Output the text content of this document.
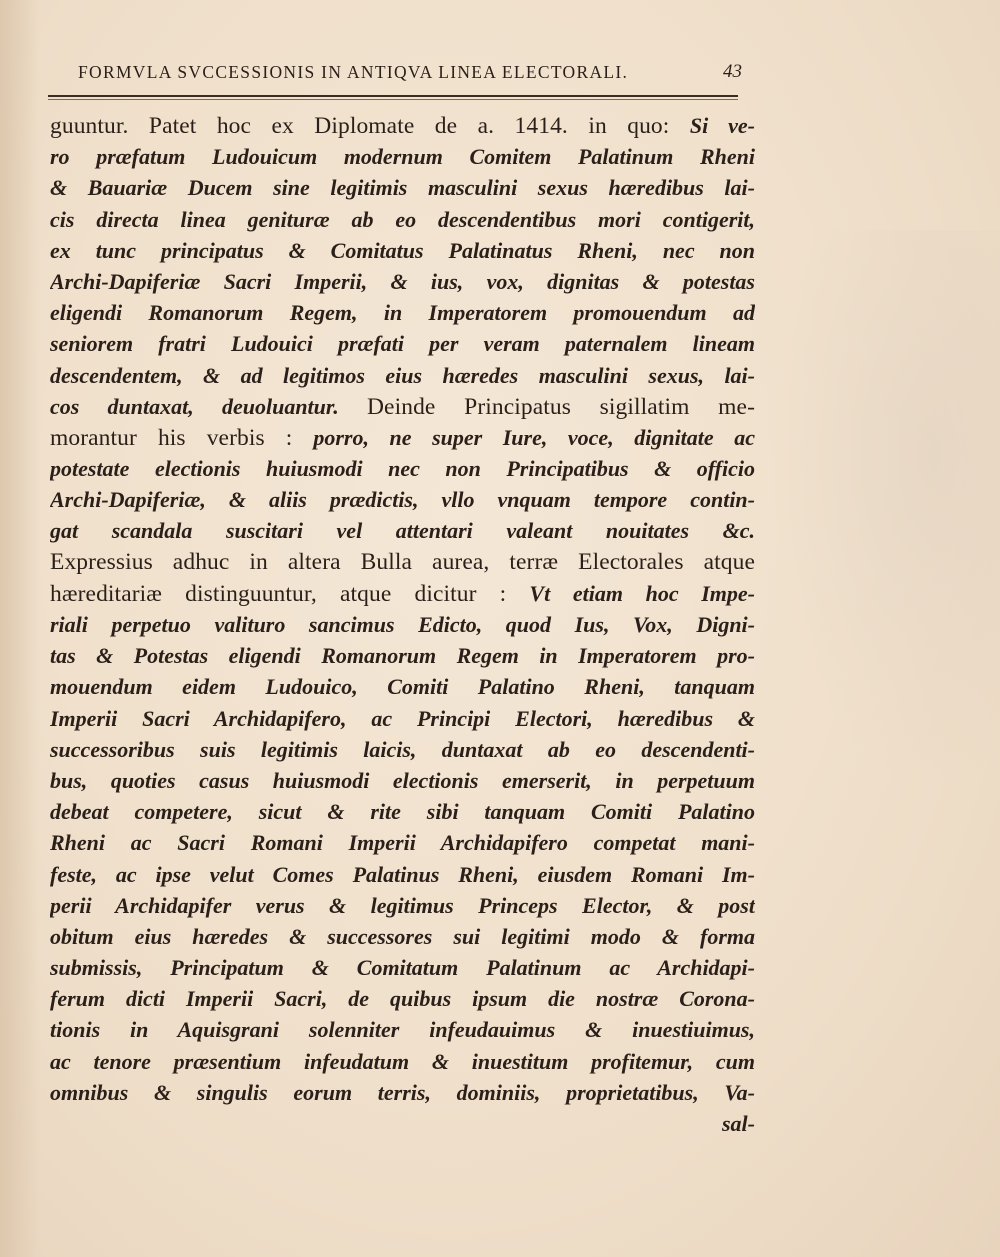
FORMVLA SVCCESSIONIS IN ANTIQVA LINEA ELECTORALI.	43
guuntur. Patet hoc ex Diplomate de a. 1414. in quo: Si ve-
ro præfatum Ludouicum modernum Comitem Palatinum Rheni
& Bauariæ Ducem sine legitimis masculini sexus hæredibus lai-
cis directa linea genituræ ab eo descendentibus mori contigerit,
ex tunc principatus & Comitatus Palatinatus Rheni, nec non
Archi-Dapiferiæ Sacri Imperii, & ius, vox, dignitas & potestas
eligendi Romanorum Regem, in Imperatorem promouendum ad
seniorem fratri Ludouici præfati per veram paternalem lineam
descendentem, & ad legitimos eius hæredes masculini sexus, lai-
cos duntaxat, deuoluantur. Deinde Principatus sigillatim me-
morantur his verbis : porro, ne super Iure, voce, dignitate ac
potestate electionis huiusmodi nec non Principatibus & officio
Archi-Dapiferiæ, & aliis prædictis, vllo vnquam tempore contin-
gat scandala suscitari vel attentari valeant nouitates &c.
Expressius adhuc in altera Bulla aurea, terræ Electorales atque
hæreditariæ distinguuntur, atque dicitur : Vt etiam hoc Impe-
riali perpetuo valituro sancimus Edicto, quod Ius, Vox, Digni-
tas & Potestas eligendi Romanorum Regem in Imperatorem pro-
mouendum eidem Ludouico, Comiti Palatino Rheni, tanquam
Imperii Sacri Archidapifero, ac Principi Electori, hæredibus &
successoribus suis legitimis laicis, duntaxat ab eo descendenti-
bus, quoties casus huiusmodi electionis emerserit, in perpetuum
debeat competere, sicut & rite sibi tanquam Comiti Palatino
Rheni ac Sacri Romani Imperii Archidapifero competat mani-
feste, ac ipse velut Comes Palatinus Rheni, eiusdem Romani Im-
perii Archidapifer verus & legitimus Princeps Elector, & post
obitum eius hæredes & successores sui legitimi modo & forma
submissis, Principatum & Comitatum Palatinum ac Archidapi-
ferum dicti Imperii Sacri, de quibus ipsum die nostræ Corona-
tionis in Aquisgrani solenniter infeudauimus & inuestiuimus,
ac tenore præsentium infeudatum & inuestitum profitemur, cum
omnibus & singulis eorum terris, dominiis, proprietatibus, Va-
sal-
